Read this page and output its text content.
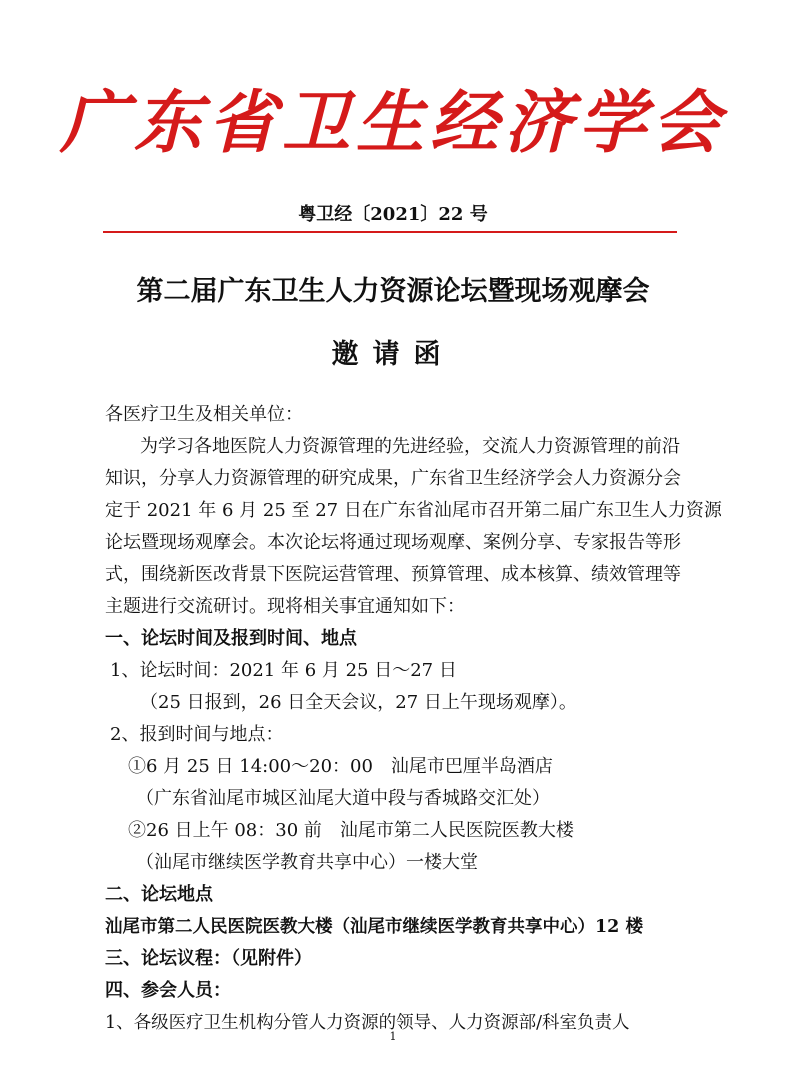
广东省卫生经济学会
粤卫经〔2021〕22 号
第二届广东卫生人力资源论坛暨现场观摩会
邀请函
各医疗卫生及相关单位：
为学习各地医院人力资源管理的先进经验，交流人力资源管理的前沿
知识，分享人力资源管理的研究成果，广东省卫生经济学会人力资源分会
定于 2021 年 6 月 25 至 27 日在广东省汕尾市召开第二届广东卫生人力资源
论坛暨现场观摩会。本次论坛将通过现场观摩、案例分享、专家报告等形
式，围绕新医改背景下医院运营管理、预算管理、成本核算、绩效管理等
主题进行交流研讨。现将相关事宜通知如下：
一、论坛时间及报到时间、地点
1、论坛时间：2021 年 6 月 25 日～27 日
（25 日报到，26 日全天会议，27 日上午现场观摩）。
2、报到时间与地点：
①6 月 25 日 14:00～20：00　汕尾市巴厘半岛酒店
（广东省汕尾市城区汕尾大道中段与香城路交汇处）
②26 日上午 08：30 前　汕尾市第二人民医院医教大楼
（汕尾市继续医学教育共享中心）一楼大堂
二、论坛地点
汕尾市第二人民医院医教大楼（汕尾市继续医学教育共享中心）12 楼
三、论坛议程：（见附件）
四、参会人员：
1、各级医疗卫生机构分管人力资源的领导、人力资源部/科室负责人
1
